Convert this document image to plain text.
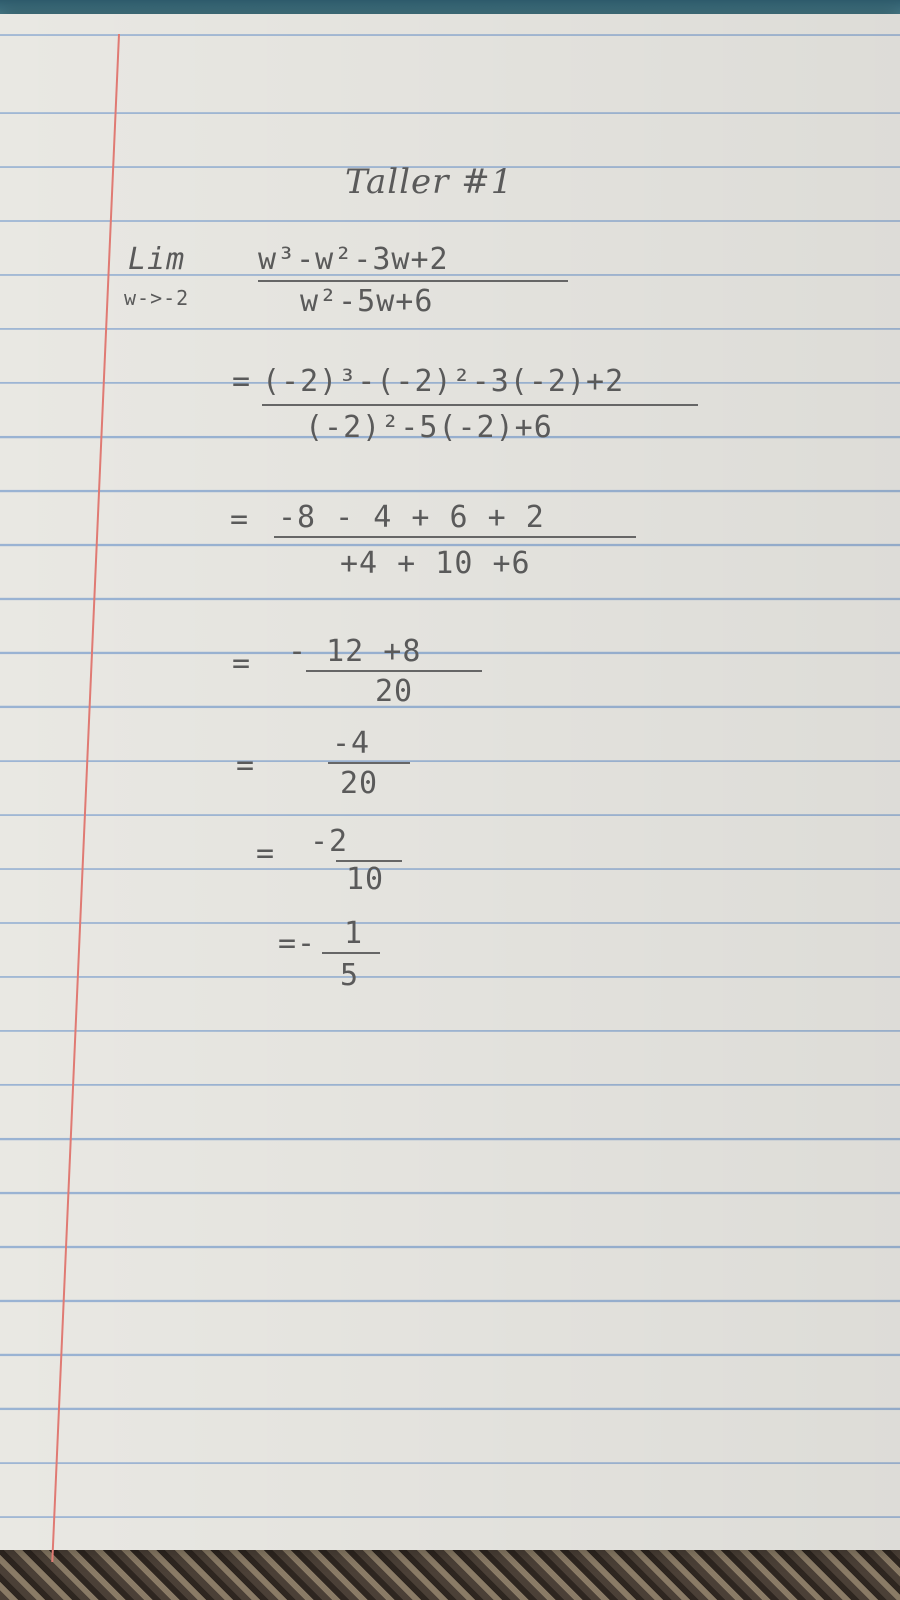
Taller #1
Lim
w->-2
w³-w²-3w+2
w²-5w+6
= (-2)³-(-2)²-3(-2)+2
(-2)²-5(-2)+6
= -8 - 4 + 6 + 2
+4 + 10 +6
= - 12 +8
20
=
-4
20
= -2
10
=- 1
5
